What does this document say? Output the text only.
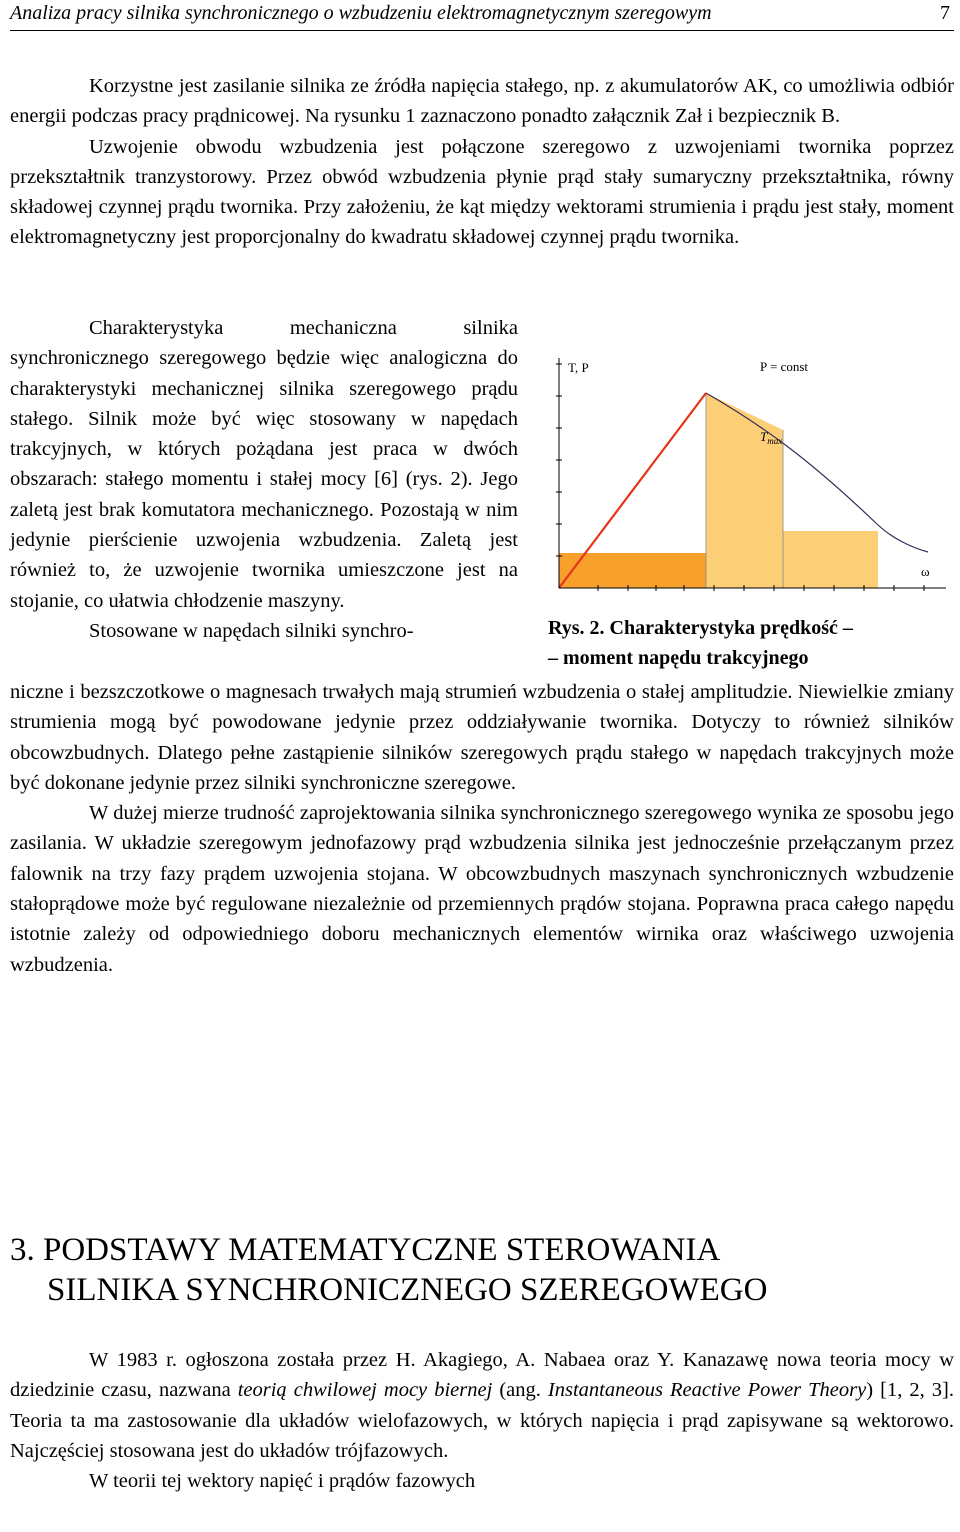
Analiza pracy silnika synchronicznego o wzbudzeniu elektromagnetycznym szeregowym	7

Korzystne jest zasilanie silnika ze źródła napięcia stałego, np. z akumulatorów AK, co umożliwia odbiór energii podczas pracy prądnicowej. Na rysunku 1 zaznaczono ponadto załącznik Zał i bezpiecznik B.

Uzwojenie obwodu wzbudzenia jest połączone szeregowo z uzwojeniami twornika poprzez przekształtnik tranzystorowy. Przez obwód wzbudzenia płynie prąd stały sumaryczny przekształtnika, równy składowej czynnej prądu twornika. Przy założeniu, że kąt między wektorami strumienia i prądu jest stały, moment elektromagnetyczny jest proporcjonalny do kwadratu składowej czynnej prądu twornika.

Charakterystyka mechaniczna silnika synchronicznego szeregowego będzie więc analogiczna do charakterystyki mechanicznej silnika szeregowego prądu stałego. Silnik może być więc stosowany w napędach trakcyjnych, w których pożądana jest praca w dwóch obszarach: stałego momentu i stałej mocy [6] (rys. 2). Jego zaletą jest brak komutatora mechanicznego. Pozostają w nim jedynie pierścienie uzwojenia wzbudzenia. Zaletą jest również to, że uzwojenie twornika umieszczone jest na stojanie, co ułatwia chłodzenie maszyny.

Stosowane w napędach silniki synchro-

T, P	P = const
$T_{max}$
ω
Rys. 2. Charakterystyka prędkość –
– moment napędu trakcyjnego

niczne i bezszczotkowe o magnesach trwałych mają strumień wzbudzenia o stałej amplitudzie. Niewielkie zmiany strumienia mogą być powodowane jedynie przez oddziaływanie twornika. Dotyczy to również silników obcowzbudnych. Dlatego pełne zastąpienie silników szeregowych prądu stałego w napędach trakcyjnych może być dokonane jedynie przez silniki synchroniczne szeregowe.

W dużej mierze trudność zaprojektowania silnika synchronicznego szeregowego wynika ze sposobu jego zasilania. W układzie szeregowym jednofazowy prąd wzbudzenia silnika jest jednocześnie przełączanym przez falownik na trzy fazy prądem uzwojenia stojana. W obcowzbudnych maszynach synchronicznych wzbudzenie stałoprądowe może być regulowane niezależnie od przemiennych prądów stojana. Poprawna praca całego napędu istotnie zależy od odpowiedniego doboru mechanicznych elementów wirnika oraz właściwego uzwojenia wzbudzenia.

3. PODSTAWY MATEMATYCZNE STEROWANIA
SILNIKA SYNCHRONICZNEGO SZEREGOWEGO

W 1983 r. ogłoszona została przez H. Akagiego, A. Nabaea oraz Y. Kanazawę nowa teoria mocy w dziedzinie czasu, nazwana teorią chwilowej mocy biernej (ang. Instantaneous Reactive Power Theory) [1, 2, 3]. Teoria ta ma zastosowanie dla układów wielofazowych, w których napięcia i prąd zapisywane są wektorowo. Najczęściej stosowana jest do układów trójfazowych.

W teorii tej wektory napięć i prądów fazowych
